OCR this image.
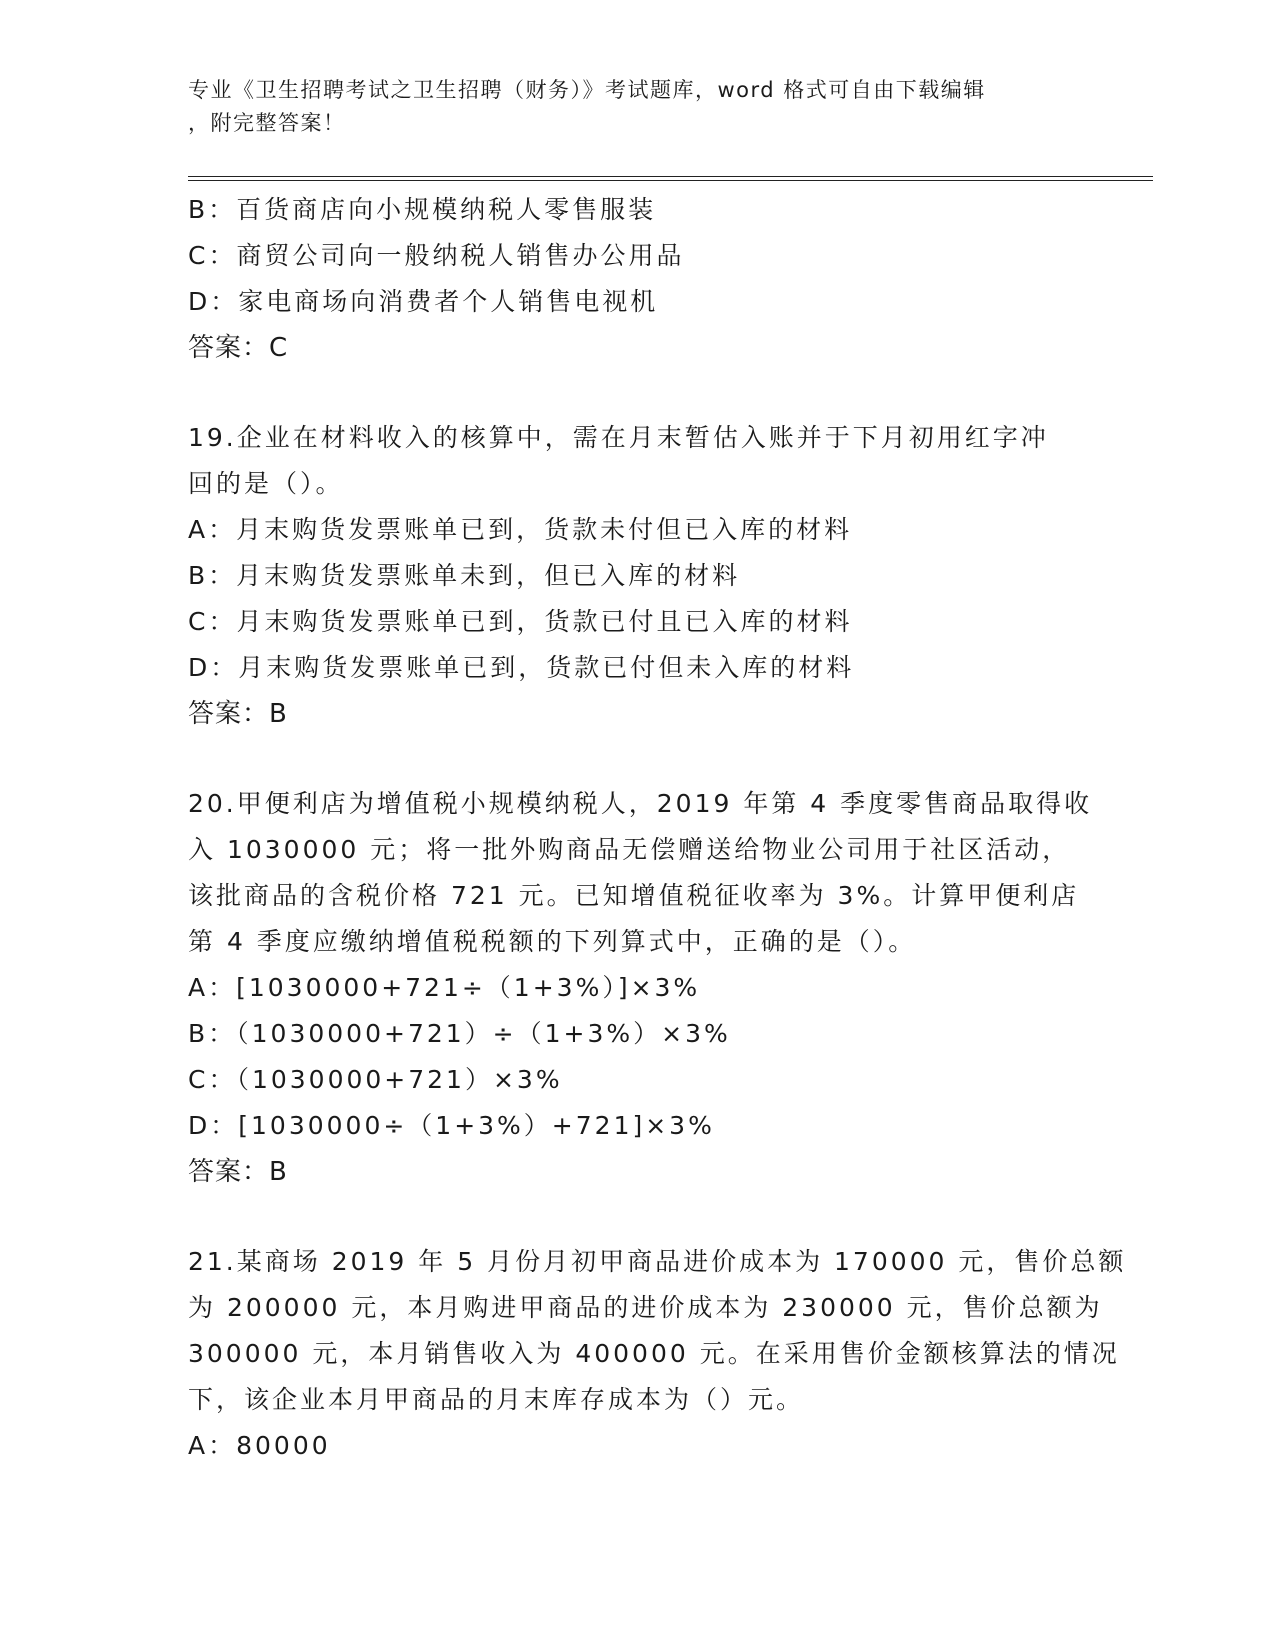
专业《卫生招聘考试之卫生招聘（财务）》考试题库，word 格式可自由下载编辑
，附完整答案！
B：百货商店向小规模纳税人零售服装
C：商贸公司向一般纳税人销售办公用品
D：家电商场向消费者个人销售电视机
答案：C
19.企业在材料收入的核算中，需在月末暂估入账并于下月初用红字冲
回的是（）。
A：月末购货发票账单已到，货款未付但已入库的材料
B：月末购货发票账单未到，但已入库的材料
C：月末购货发票账单已到，货款已付且已入库的材料
D：月末购货发票账单已到，货款已付但未入库的材料
答案：B
20.甲便利店为增值税小规模纳税人，2019 年第 4 季度零售商品取得收
入 1030000 元；将一批外购商品无偿赠送给物业公司用于社区活动，
该批商品的含税价格 721 元。已知增值税征收率为 3%。计算甲便利店
第 4 季度应缴纳增值税税额的下列算式中，正确的是（）。
A：[1030000+721÷（1+3%）]×3%
B：（1030000+721）÷（1+3%）×3%
C：（1030000+721）×3%
D：[1030000÷（1+3%）+721]×3%
答案：B
21.某商场 2019 年 5 月份月初甲商品进价成本为 170000 元，售价总额
为 200000 元，本月购进甲商品的进价成本为 230000 元，售价总额为
300000 元，本月销售收入为 400000 元。在采用售价金额核算法的情况
下，该企业本月甲商品的月末库存成本为（）元。
A：80000
